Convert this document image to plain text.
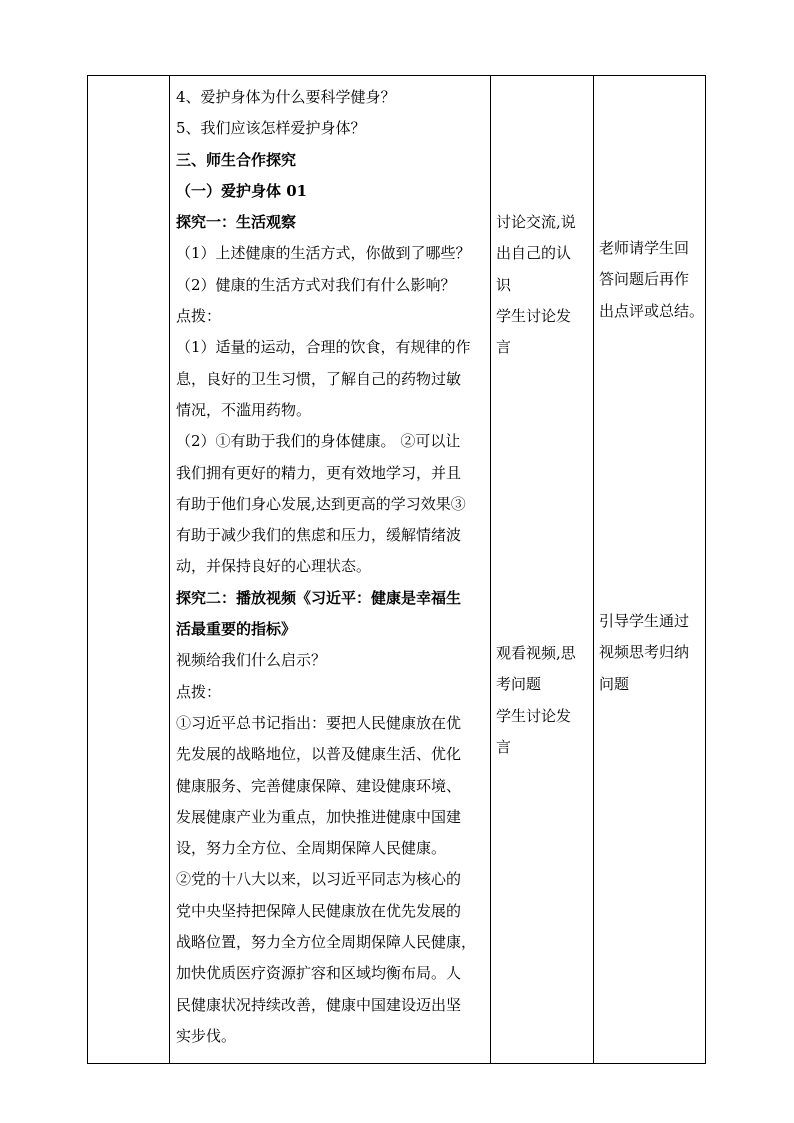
4、爱护身体为什么要科学健身？

5、我们应该怎样爱护身体？

三、师生合作探究

（一）爱护身体 01

探究一：生活观察

（1）上述健康的生活方式，你做到了哪些？

（2）健康的生活方式对我们有什么影响？

点拨：

（1）适量的运动，合理的饮食，有规律的作

息，良好的卫生习惯，了解自己的药物过敏

情况，不滥用药物。

（2）①有助于我们的身体健康。 ②可以让

我们拥有更好的精力，更有效地学习，并且

有助于他们身心发展,达到更高的学习效果③

有助于减少我们的焦虑和压力，缓解情绪波

动，并保持良好的心理状态。

探究二：播放视频《习近平：健康是幸福生

活最重要的指标》

视频给我们什么启示？

点拨：

①习近平总书记指出：要把人民健康放在优

先发展的战略地位，以普及健康生活、优化

健康服务、完善健康保障、建设健康环境、

发展健康产业为重点，加快推进健康中国建

设，努力全方位、全周期保障人民健康。

②党的十八大以来，以习近平同志为核心的

党中央坚持把保障人民健康放在优先发展的

战略位置，努力全方位全周期保障人民健康，

加快优质医疗资源扩容和区域均衡布局。人

民健康状况持续改善，健康中国建设迈出坚

实步伐。

讨论交流,说

出自己的认

识

学生讨论发

言

观看视频,思

考问题

学生讨论发

言

老师请学生回

答问题后再作

出点评或总结。

引导学生通过

视频思考归纳

问题
